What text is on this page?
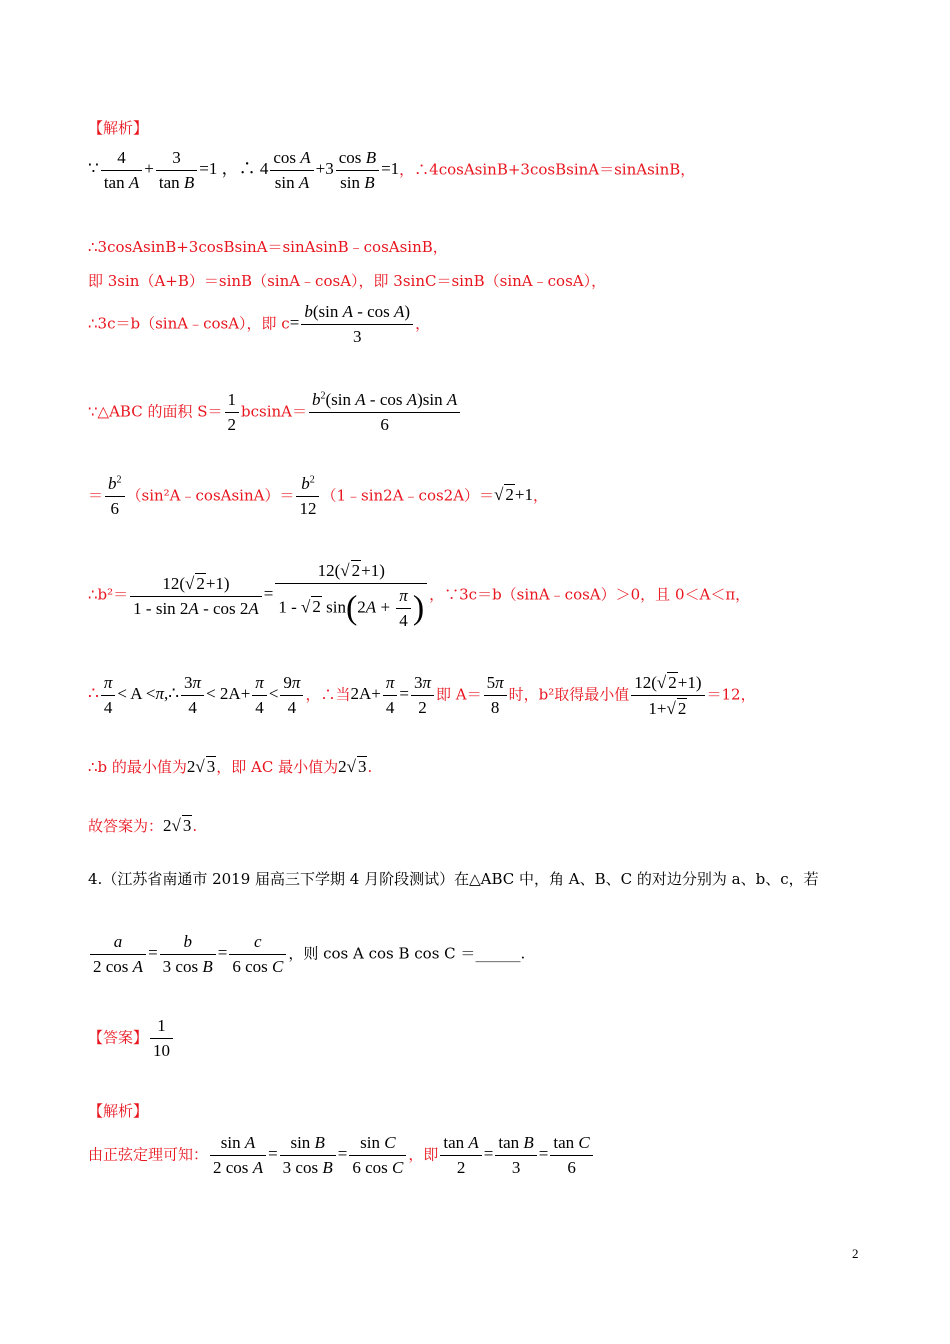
【解析】
∵ $\frac{4}{\text{tan A}} + \frac{3}{\text{tan B}} =1$ ，∴ $4 \frac{\text{cos A}}{\text{sin A}} +3 \frac{\text{cos B}}{\text{sin B}} =1$，∴4cosAsinB+3cosBsinA＝sinAsinB，
∴3cosAsinB+3cosBsinA＝sinAsinB﹣cosAsinB，
即 3sin（A+B）＝sinB（sinA﹣cosA），即 3sinC＝sinB（sinA﹣cosA），
∴3c＝b（sinA﹣cosA），即 $c= \frac{\text{b(sin A - cos A)}}{3}$ ，
∵△ABC 的面积 $S= \frac{1}{2} bcsinA= \frac{b^2(\sin A - \cos A)\sin A}{6}$
＝ $\frac{b^2}{6}$ （sin²A﹣cosAsinA）＝ $\frac{b^2}{12}$ （1﹣sin2A﹣cos2A）＝√ 2+1，
∴b²＝ $\frac{12(√ 2+1)}{1 - \sin 2A - \cos 2A} = \frac{12(√ 2+1)}{1 - √ 2 \sin(2A + \frac{\pi}{4} )}$ ，∵3c＝b（sinA﹣cosA）＞0，且 0＜A＜π，
∴ $\frac{\pi}{4} < A$ <π,∴ $\frac{3\pi}{4} < 2A+ \frac{\pi}{4} < \frac{9\pi}{4}$ ，∴当$2A+ \frac{\pi}{4} = \frac{3\pi}{2}$ 即 $A= \frac{5\pi}{8}$ 时，b²取得最小值 $\frac{12(√ 2+1)}{1+√ 2} =12$，
∴b 的最小值为2√ 3，即 AC 最小值为2√ 3.
故答案为：2√ 3.
4.（江苏省南通市 2019 届高三下学期 4 月阶段测试）在△ABC 中，角 A、B、C 的对边分别为 a、b、c，若
$\frac{a}{\text{2 cos A}} = \frac{b}{\text{3 cos B}} = \frac{c}{\text{6 cos C}}$ ，则 cos A cos B cos C ＝______.
【答案】 $\frac{1}{10}$
【解析】
由正弦定理可知： $\frac{\text{sin A}}{\text{2 cos A}} = \frac{\text{sin B}}{\text{3 cos B}} = \frac{\text{sin C}}{\text{6 cos C}}$ ，即 $\frac{\text{tan A}}{2} = \frac{\text{tan B}}{3} = \frac{\text{tan C}}{6}$
2
